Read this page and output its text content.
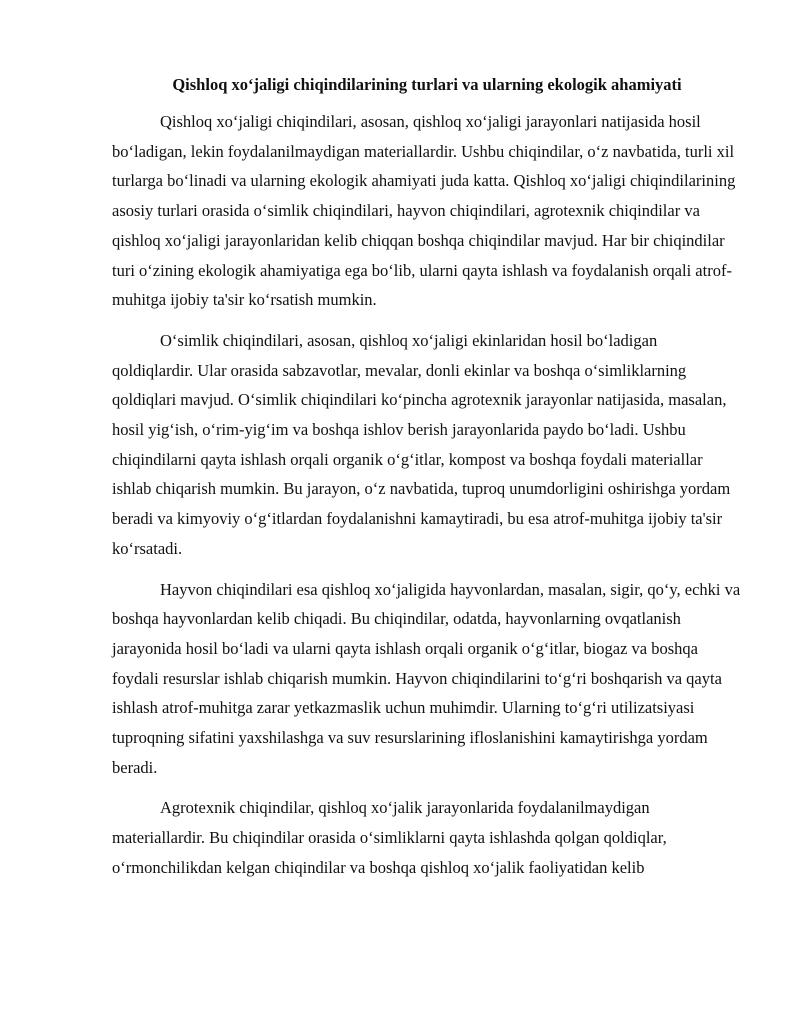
Qishloq xo‘jaligi chiqindilarining turlari va ularning ekologik ahamiyati

Qishloq xo‘jaligi chiqindilari, asosan, qishloq xo‘jaligi jarayonlari natijasida hosil bo‘ladigan, lekin foydalanilmaydigan materiallardir. Ushbu chiqindilar, o‘z navbatida, turli xil turlarga bo‘linadi va ularning ekologik ahamiyati juda katta. Qishloq xo‘jaligi chiqindilarining asosiy turlari orasida o‘simlik chiqindilari, hayvon chiqindilari, agrotexnik chiqindilar va qishloq xo‘jaligi jarayonlaridan kelib chiqqan boshqa chiqindilar mavjud. Har bir chiqindilar turi o‘zining ekologik ahamiyatiga ega bo‘lib, ularni qayta ishlash va foydalanish orqali atrof-muhitga ijobiy ta'sir ko‘rsatish mumkin.

O‘simlik chiqindilari, asosan, qishloq xo‘jaligi ekinlaridan hosil bo‘ladigan qoldiqlardir. Ular orasida sabzavotlar, mevalar, donli ekinlar va boshqa o‘simliklarning qoldiqlari mavjud. O‘simlik chiqindilari ko‘pincha agrotexnik jarayonlar natijasida, masalan, hosil yig‘ish, o‘rim-yig‘im va boshqa ishlov berish jarayonlarida paydo bo‘ladi. Ushbu chiqindilarni qayta ishlash orqali organik o‘g‘itlar, kompost va boshqa foydali materiallar ishlab chiqarish mumkin. Bu jarayon, o‘z navbatida, tuproq unumdorligini oshirishga yordam beradi va kimyoviy o‘g‘itlardan foydalanishni kamaytiradi, bu esa atrof-muhitga ijobiy ta'sir ko‘rsatadi.

Hayvon chiqindilari esa qishloq xo‘jaligida hayvonlardan, masalan, sigir, qo‘y, echki va boshqa hayvonlardan kelib chiqadi. Bu chiqindilar, odatda, hayvonlarning ovqatlanish jarayonida hosil bo‘ladi va ularni qayta ishlash orqali organik o‘g‘itlar, biogaz va boshqa foydali resurslar ishlab chiqarish mumkin. Hayvon chiqindilarini to‘g‘ri boshqarish va qayta ishlash atrof-muhitga zarar yetkazmaslik uchun muhimdir. Ularning to‘g‘ri utilizatsiyasi tuproqning sifatini yaxshilashga va suv resurslarining ifloslanishini kamaytirishga yordam beradi.

Agrotexnik chiqindilar, qishloq xo‘jalik jarayonlarida foydalanilmaydigan materiallardir. Bu chiqindilar orasida o‘simliklarni qayta ishlashda qolgan qoldiqlar, o‘rmonchilikdan kelgan chiqindilar va boshqa qishloq xo‘jalik faoliyatidan kelib
